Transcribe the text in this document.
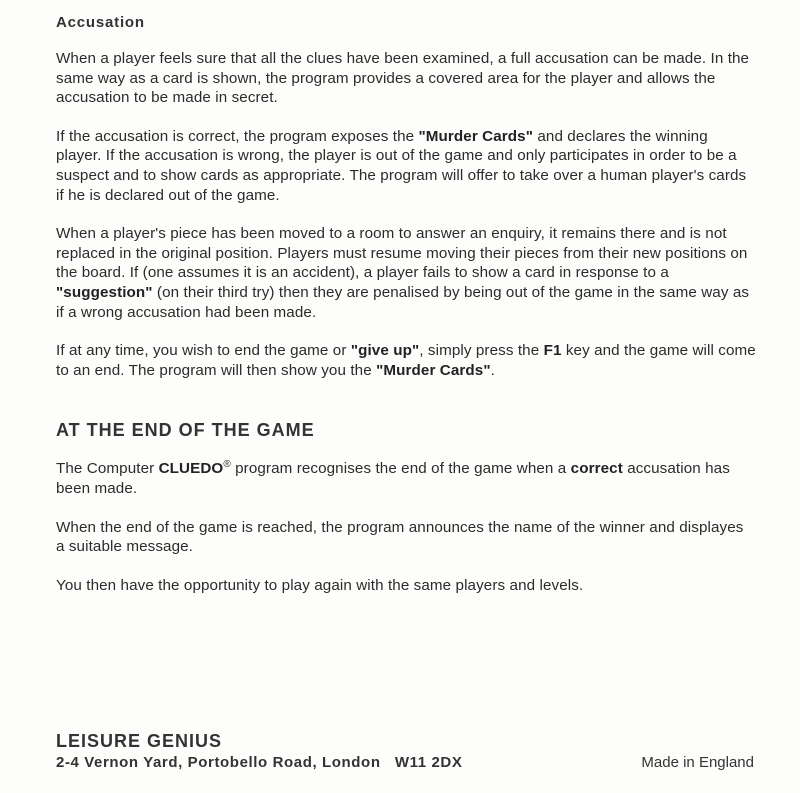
Accusation

When a player feels sure that all the clues have been examined, a full accusation can be made. In the same way as a card is shown, the program provides a covered area for the player and allows the accusation to be made in secret.

If the accusation is correct, the program exposes the "Murder Cards" and declares the winning player. If the accusation is wrong, the player is out of the game and only participates in order to be a suspect and to show cards as appropriate. The program will offer to take over a human player's cards if he is declared out of the game.

When a player's piece has been moved to a room to answer an enquiry, it remains there and is not replaced in the original position. Players must resume moving their pieces from their new positions on the board. If (one assumes it is an accident), a player fails to show a card in response to a "suggestion" (on their third try) then they are penalised by being out of the game in the same way as if a wrong accusation had been made.

If at any time, you wish to end the game or "give up", simply press the F1 key and the game will come to an end. The program will then show you the "Murder Cards".

AT THE END OF THE GAME

The Computer CLUEDO® program recognises the end of the game when a correct accusation has been made.

When the end of the game is reached, the program announces the name of the winner and displayes a suitable message.

You then have the opportunity to play again with the same players and levels.

LEISURE GENIUS
2-4 Vernon Yard, Portobello Road, London   W11 2DX	Made in England
